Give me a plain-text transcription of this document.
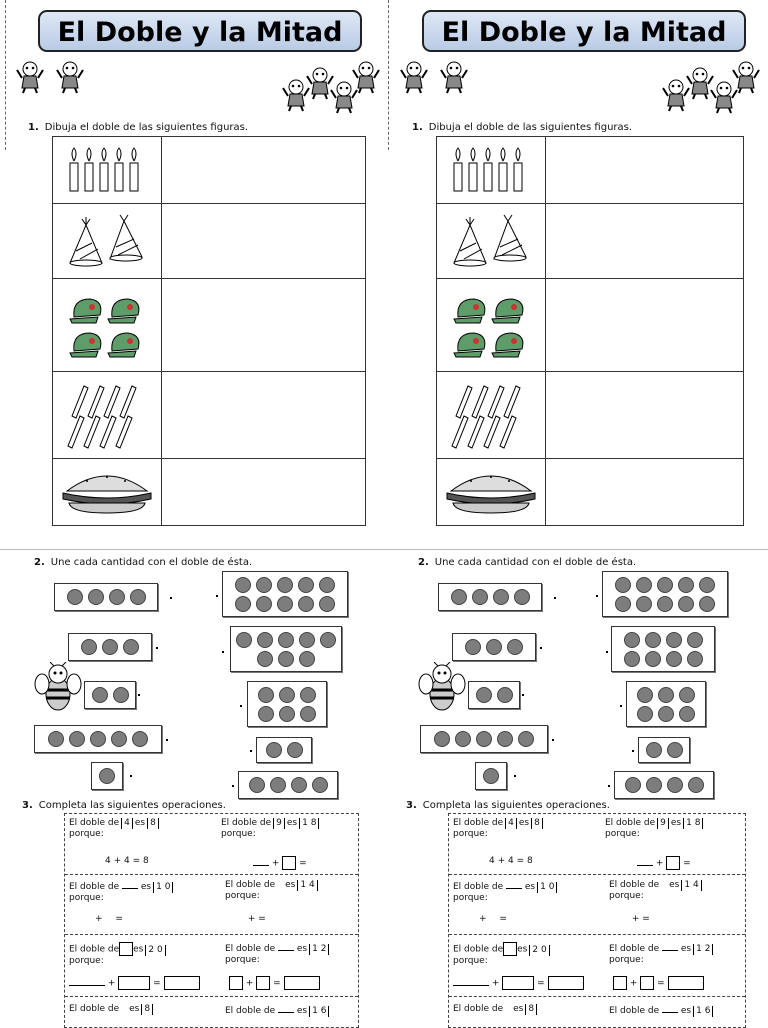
El Doble y la Mitad
1. Dibuja el doble de las siguientes figuras.
2. Une cada cantidad con el doble de ésta.
3. Completa las siguientes operaciones.
El doble de 4 es 8
porque:
4 + 4 = 8
El doble de 9 es 1 8
porque:
+ =
El doble de es 1 0
porque:
+ =
El doble de es 1 4
porque:
+ =
El doble de es 2 0
porque:
+	=
El doble de es 1 2
porque:
+ =
El doble de es 8	El doble de es 1 6
El Doble y la Mitad
1. Dibuja el doble de las siguientes figuras.
2. Une cada cantidad con el doble de ésta.
3. Completa las siguientes operaciones.
El doble de 4 es 8
porque:
4 + 4 = 8
El doble de 9 es 1 8
porque:
+ =
El doble de es 1 0
porque:
+ =
El doble de es 1 4
porque:
+ =
El doble de es 2 0
porque:
+	=
El doble de es 1 2
porque:
+ =
El doble de es 8	El doble de es 1 6
